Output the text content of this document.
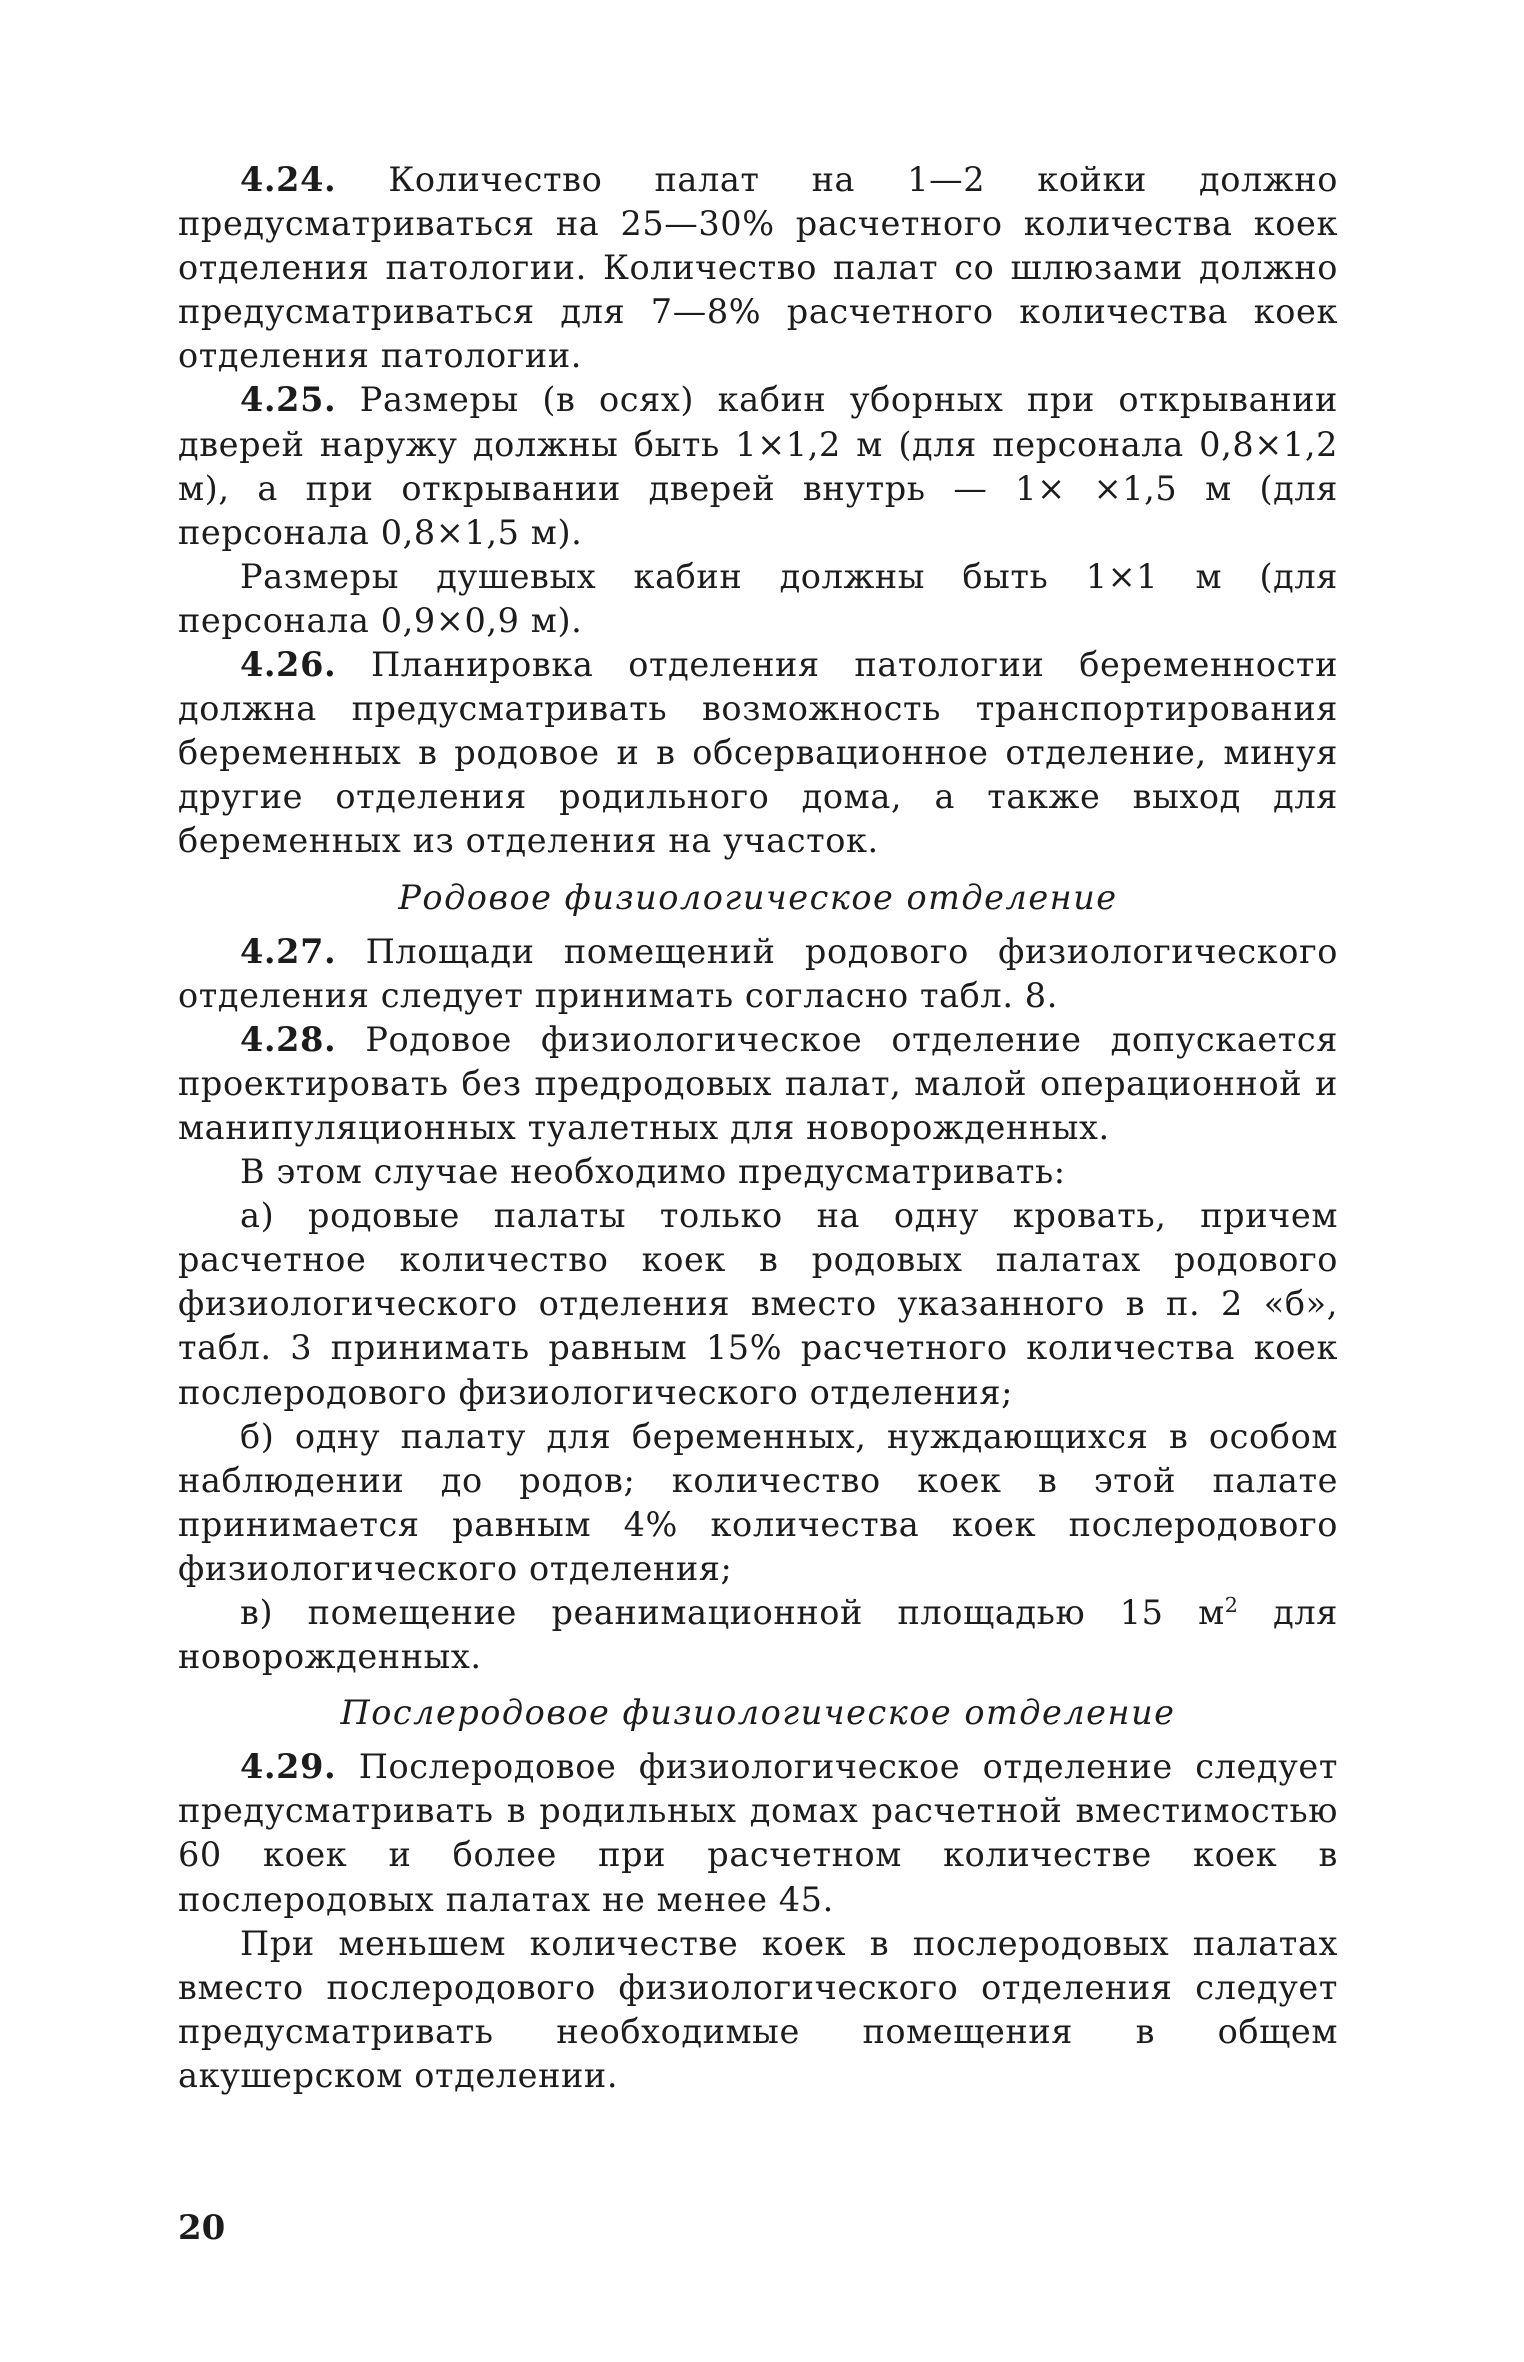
4.24. Количество палат на 1—2 койки должно предусматриваться на 25—30% расчетного количества коек отделения патологии. Количество палат со шлюзами должно предусматриваться для 7—8% расчетного количества коек отделения патологии.

4.25. Размеры (в осях) кабин уборных при открывании дверей наружу должны быть 1×1,2 м (для персонала 0,8×1,2 м), а при открывании дверей внутрь — 1× ×1,5 м (для персонала 0,8×1,5 м).

Размеры душевых кабин должны быть 1×1 м (для персонала 0,9×0,9 м).

4.26. Планировка отделения патологии беременности должна предусматривать возможность транспортирования беременных в родовое и в обсервационное отделение, минуя другие отделения родильного дома, а также выход для беременных из отделения на участок.

Родовое физиологическое отделение

4.27. Площади помещений родового физиологического отделения следует принимать согласно табл. 8.

4.28. Родовое физиологическое отделение допускается проектировать без предродовых палат, малой операционной и манипуляционных туалетных для новорожденных.

В этом случае необходимо предусматривать:

а) родовые палаты только на одну кровать, причем расчетное количество коек в родовых палатах родового физиологического отделения вместо указанного в п. 2 «б», табл. 3 принимать равным 15% расчетного количества коек послеродового физиологического отделения;

б) одну палату для беременных, нуждающихся в особом наблюдении до родов; количество коек в этой палате принимается равным 4% количества коек послеродового физиологического отделения;

в) помещение реанимационной площадью 15 $м^2$ для новорожденных.

Послеродовое физиологическое отделение

4.29. Послеродовое физиологическое отделение следует предусматривать в родильных домах расчетной вместимостью 60 коек и более при расчетном количестве коек в послеродовых палатах не менее 45.

При меньшем количестве коек в послеродовых палатах вместо послеродового физиологического отделения следует предусматривать необходимые помещения в общем акушерском отделении.

20
